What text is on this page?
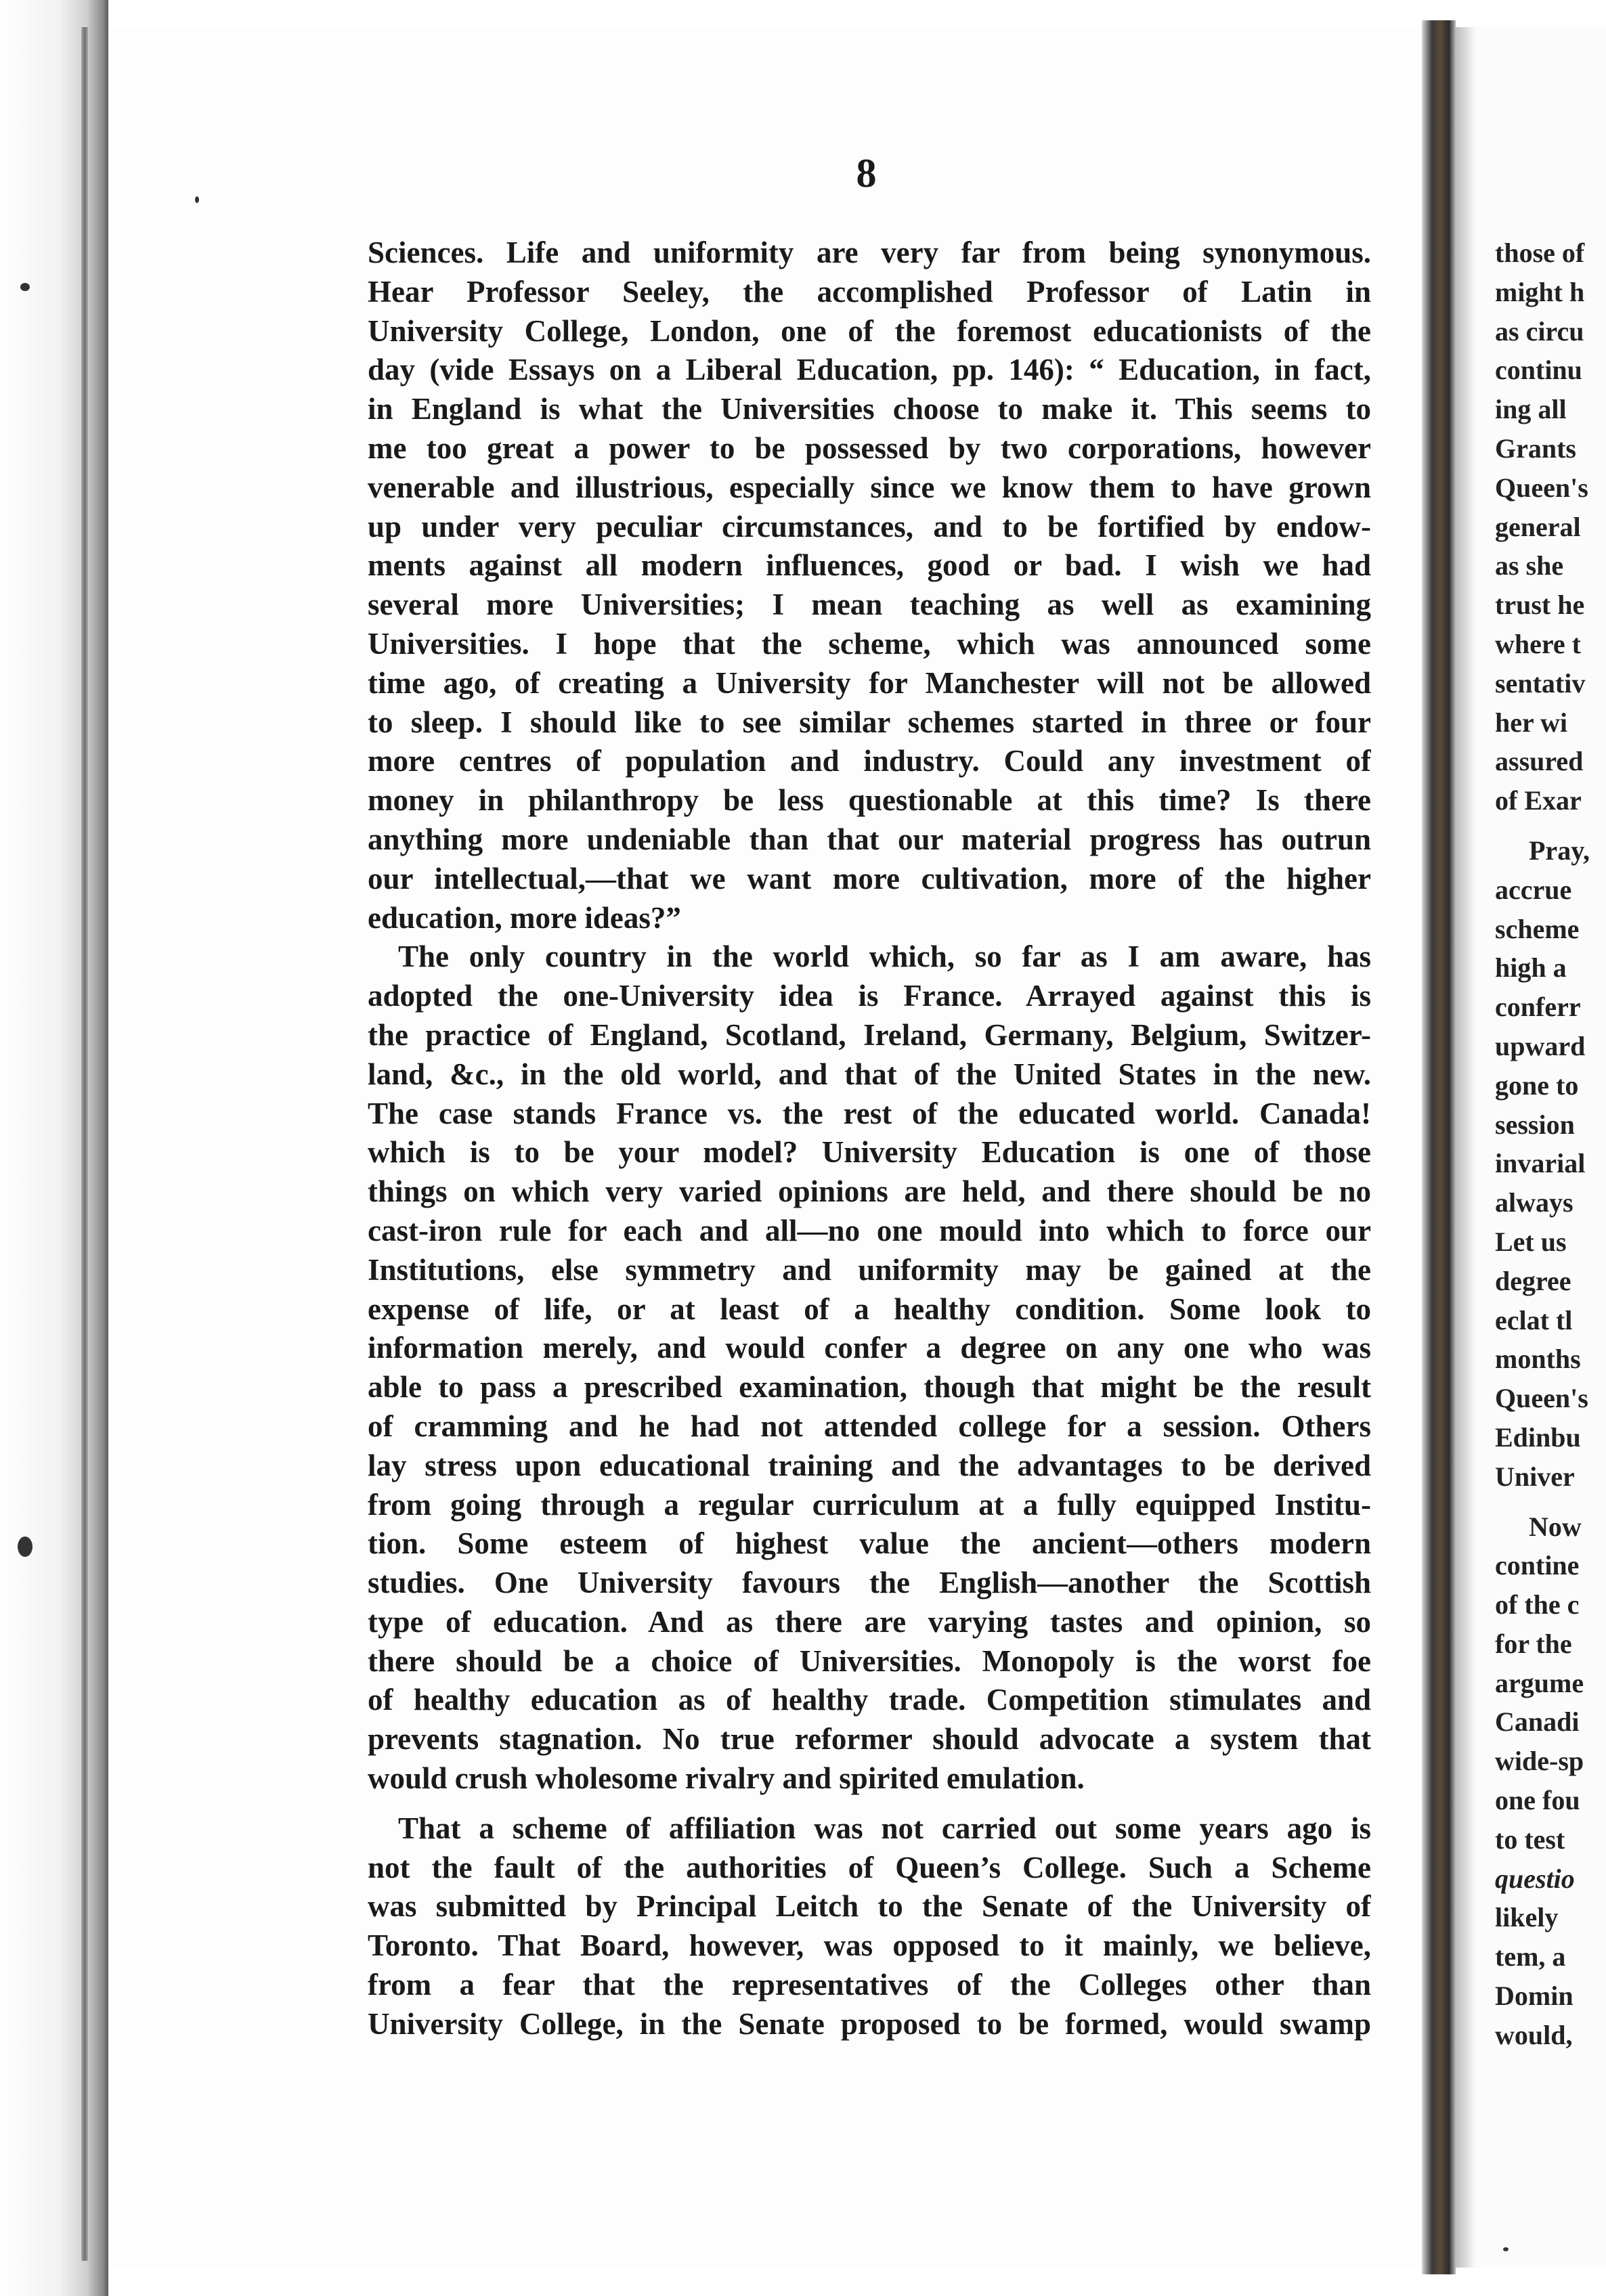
8
Sciences. Life and uniformity are very far from being synonymous.
Hear Professor Seeley, the accomplished Professor of Latin in
University College, London, one of the foremost educationists of the
day (vide Essays on a Liberal Education, pp. 146): “ Education, in fact,
in England is what the Universities choose to make it. This seems to
me too great a power to be possessed by two corporations, however
venerable and illustrious, especially since we know them to have grown
up under very peculiar circumstances, and to be fortified by endow-
ments against all modern influences, good or bad. I wish we had
several more Universities; I mean teaching as well as examining
Universities. I hope that the scheme, which was announced some
time ago, of creating a University for Manchester will not be allowed
to sleep. I should like to see similar schemes started in three or four
more centres of population and industry. Could any investment of
money in philanthropy be less questionable at this time? Is there
anything more undeniable than that our material progress has outrun
our intellectual,—that we want more cultivation, more of the higher
education, more ideas?”
The only country in the world which, so far as I am aware, has
adopted the one-University idea is France. Arrayed against this is
the practice of England, Scotland, Ireland, Germany, Belgium, Switzer-
land, &c., in the old world, and that of the United States in the new.
The case stands France vs. the rest of the educated world. Canada!
which is to be your model? University Education is one of those
things on which very varied opinions are held, and there should be no
cast-iron rule for each and all—no one mould into which to force our
Institutions, else symmetry and uniformity may be gained at the
expense of life, or at least of a healthy condition. Some look to
information merely, and would confer a degree on any one who was
able to pass a prescribed examination, though that might be the result
of cramming and he had not attended college for a session. Others
lay stress upon educational training and the advantages to be derived
from going through a regular curriculum at a fully equipped Institu-
tion. Some esteem of highest value the ancient—others modern
studies. One University favours the English—another the Scottish
type of education. And as there are varying tastes and opinion, so
there should be a choice of Universities. Monopoly is the worst foe
of healthy education as of healthy trade. Competition stimulates and
prevents stagnation. No true reformer should advocate a system that
would crush wholesome rivalry and spirited emulation.
That a scheme of affiliation was not carried out some years ago is
not the fault of the authorities of Queen’s College. Such a Scheme
was submitted by Principal Leitch to the Senate of the University of
Toronto. That Board, however, was opposed to it mainly, we believe,
from a fear that the representatives of the Colleges other than
University College, in the Senate proposed to be formed, would swamp
those of
might h
as circu
continu
ing all
Grants
Queen's
general
as she
trust he
where t
sentativ
her wi
assured
of Exar
Pray,
accrue
scheme
high a
conferr
upward
gone to
session
invarial
always
Let us
degree
eclat tl
months
Queen's
Edinbu
Univer
Now
contine
of the c
for the
argume
Canadi
wide-sp
one fou
to test
questio
likely
tem, a
Domin
would,
